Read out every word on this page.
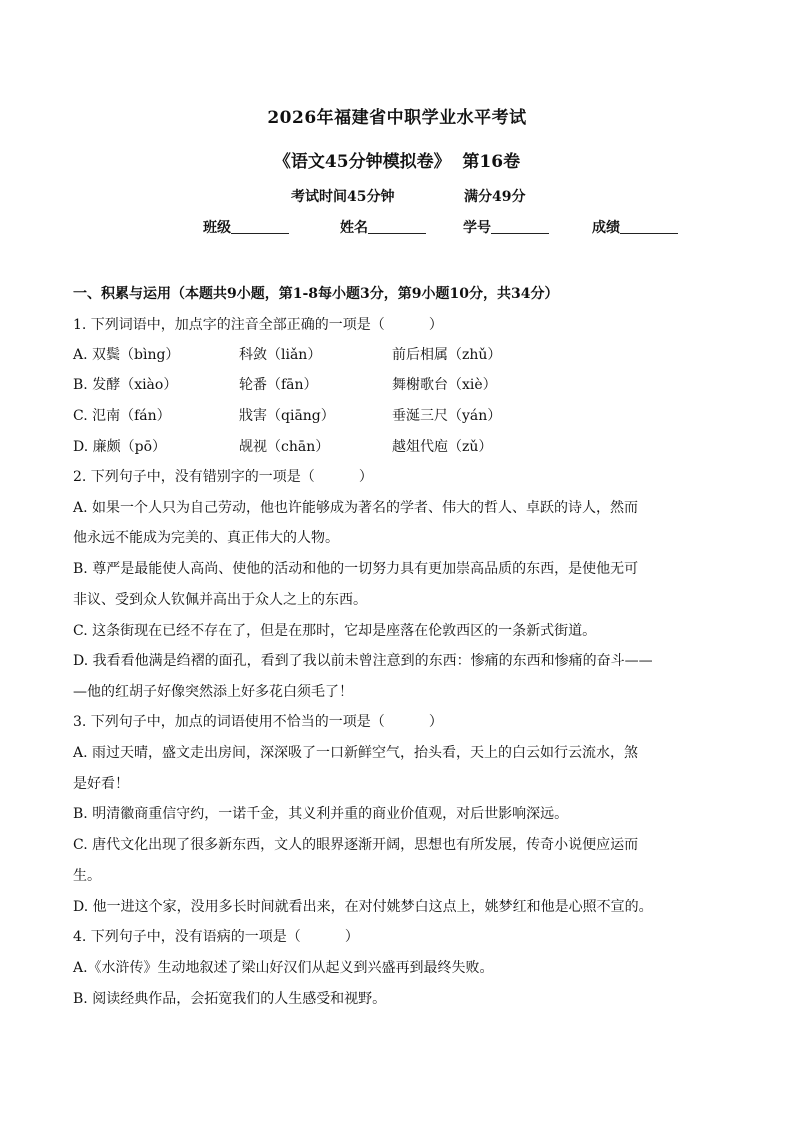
2026年福建省中职学业水平考试
《语文45分钟模拟卷》 第16卷
考试时间45分钟	满分49分
班级	姓名	学号	成绩
一、积累与运用（本题共9小题，第1-8每小题3分，第9小题10分，共34分）
1. 下列词语中，加点字的注音全部正确的一项是（	）
A. 双鬓（bìng）	科敛（liǎn）	前后相属（zhǔ）
B. 发酵（xiào）	轮番（fān）	舞榭歌台（xiè）
C. 氾南（fán）	戕害（qiāng）	垂涎三尺（yán）
D. 廉颇（pō）	觇视（chān）	越俎代庖（zǔ）
2. 下列句子中，没有错别字的一项是（	）
A. 如果一个人只为自己劳动，他也许能够成为著名的学者、伟大的哲人、卓跃的诗人，然而
他永远不能成为完美的、真正伟大的人物。
B. 尊严是最能使人高尚、使他的活动和他的一切努力具有更加崇高品质的东西，是使他无可
非议、受到众人钦佩并高出于众人之上的东西。
C. 这条街现在已经不存在了，但是在那时，它却是座落在伦敦西区的一条新式街道。
D. 我看看他满是绉褶的面孔，看到了我以前未曾注意到的东西：惨痛的东西和惨痛的奋斗——
—他的红胡子好像突然添上好多花白须毛了！
3. 下列句子中，加点的词语使用不恰当的一项是（	）
A. 雨过天晴，盛文走出房间，深深吸了一口新鲜空气，抬头看，天上的白云如行云流水，煞
是好看！
B. 明清徽商重信守约，一诺千金，其义利并重的商业价值观，对后世影响深远。
C. 唐代文化出现了很多新东西，文人的眼界逐渐开阔，思想也有所发展，传奇小说便应运而
生。
D. 他一进这个家，没用多长时间就看出来，在对付姚梦白这点上，姚梦红和他是心照不宣的。
4. 下列句子中，没有语病的一项是（	）
A.《水浒传》生动地叙述了梁山好汉们从起义到兴盛再到最终失败。
B. 阅读经典作品，会拓宽我们的人生感受和视野。
